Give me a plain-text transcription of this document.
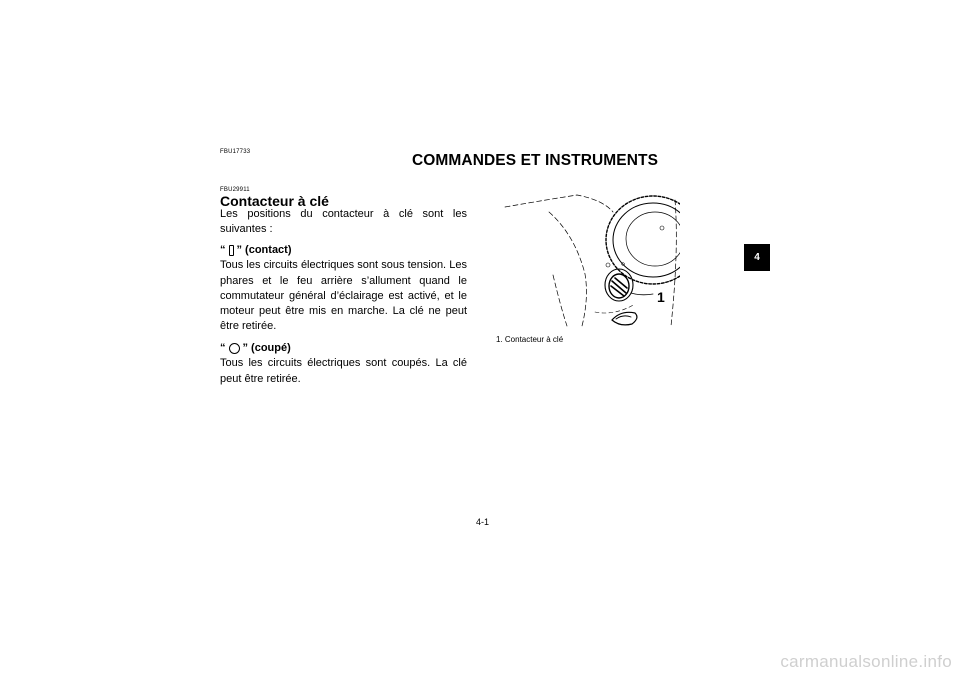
FBU17733	COMMANDES ET INSTRUMENTS
FBU29911
Contacteur à clé
Les positions du contacteur à clé sont les suivantes :
“ ” (contact)
Tous les circuits électriques sont sous tension. Les phares et le feu arrière s’allument quand le commutateur général d’éclairage est activé, et le moteur peut être mis en marche. La clé ne peut être retirée.
“ ” (coupé)
Tous les circuits électriques sont coupés. La clé peut être retirée.
1
1. Contacteur à clé
4
4-1
carmanualsonline.info
